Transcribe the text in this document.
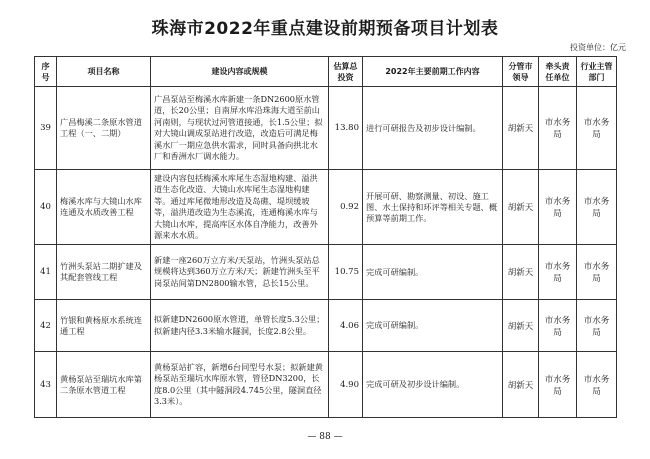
珠海市2022年重点建设前期预备项目计划表
投资单位：亿元
序号	项目名称	建设内容或规模	估算总投资	2022年主要前期工作内容	分管市领导	牵头责任单位	行业主管部门
39	广昌梅溪二条原水管道工程（一、二期）	广昌泵站至梅溪水库新建一条DN2600原水管道，长20公里；自南屏水库沿珠海大道至前山河南则，与现状过河管道接通，长1.5公里；拟对大镜山调成泵站进行改造，改造后可满足梅溪水厂一期应急供水需求，同时具备向拱北水厂和香洲水厂调水能力。	13.80	进行可研报告及初步设计编制。	胡新天	市水务局	市水务局
40	梅溪水库与大镜山水库连通及水质改善工程	建设内容包括梅溪水库尾生态湿地构建、溢洪道生态化改造、大镜山水库尾生态湿地构建等。通过库尾微地形改造及岛礁、堤坝缓坡等，溢洪道改造为生态溪流，连通梅溪水库与大镜山水库，提高库区水体自净能力，改善外源来水水质。	0.92	开展可研、勘察测量、初设、施工图、水土保持和环评等相关专题、概预算等前期工作。	胡新天	市水务局	市水务局
41	竹洲头泵站二期扩建及其配套管线工程	新建一座260万立方米/天泵站，竹洲头泵站总规模将达到360万立方米/天；新建竹洲头至平岗泵站间第DN2800输水管，总长15公里。	10.75	完成可研编制。	胡新天	市水务局	市水务局
42	竹银和黄杨原水系统连通工程	拟新建DN2600原水管道，单管长度5.3公里；拟新建内径3.3米输水隧洞，长度2.8公里。	4.06	完成可研编制。	胡新天	市水务局	市水务局
43	黄杨泵站至瑞坑水库第二条原水管道工程	黄杨泵站扩容，新增6台同型号水泵；拟新建黄杨泵站至瑞坑水库原水管，管径DN3200，长度8.0公里（其中隧洞段4.745公里，隧洞直径3.3米）。	4.90	完成可研及初步设计编制。	胡新天	市水务局	市水务局
— 88 —
